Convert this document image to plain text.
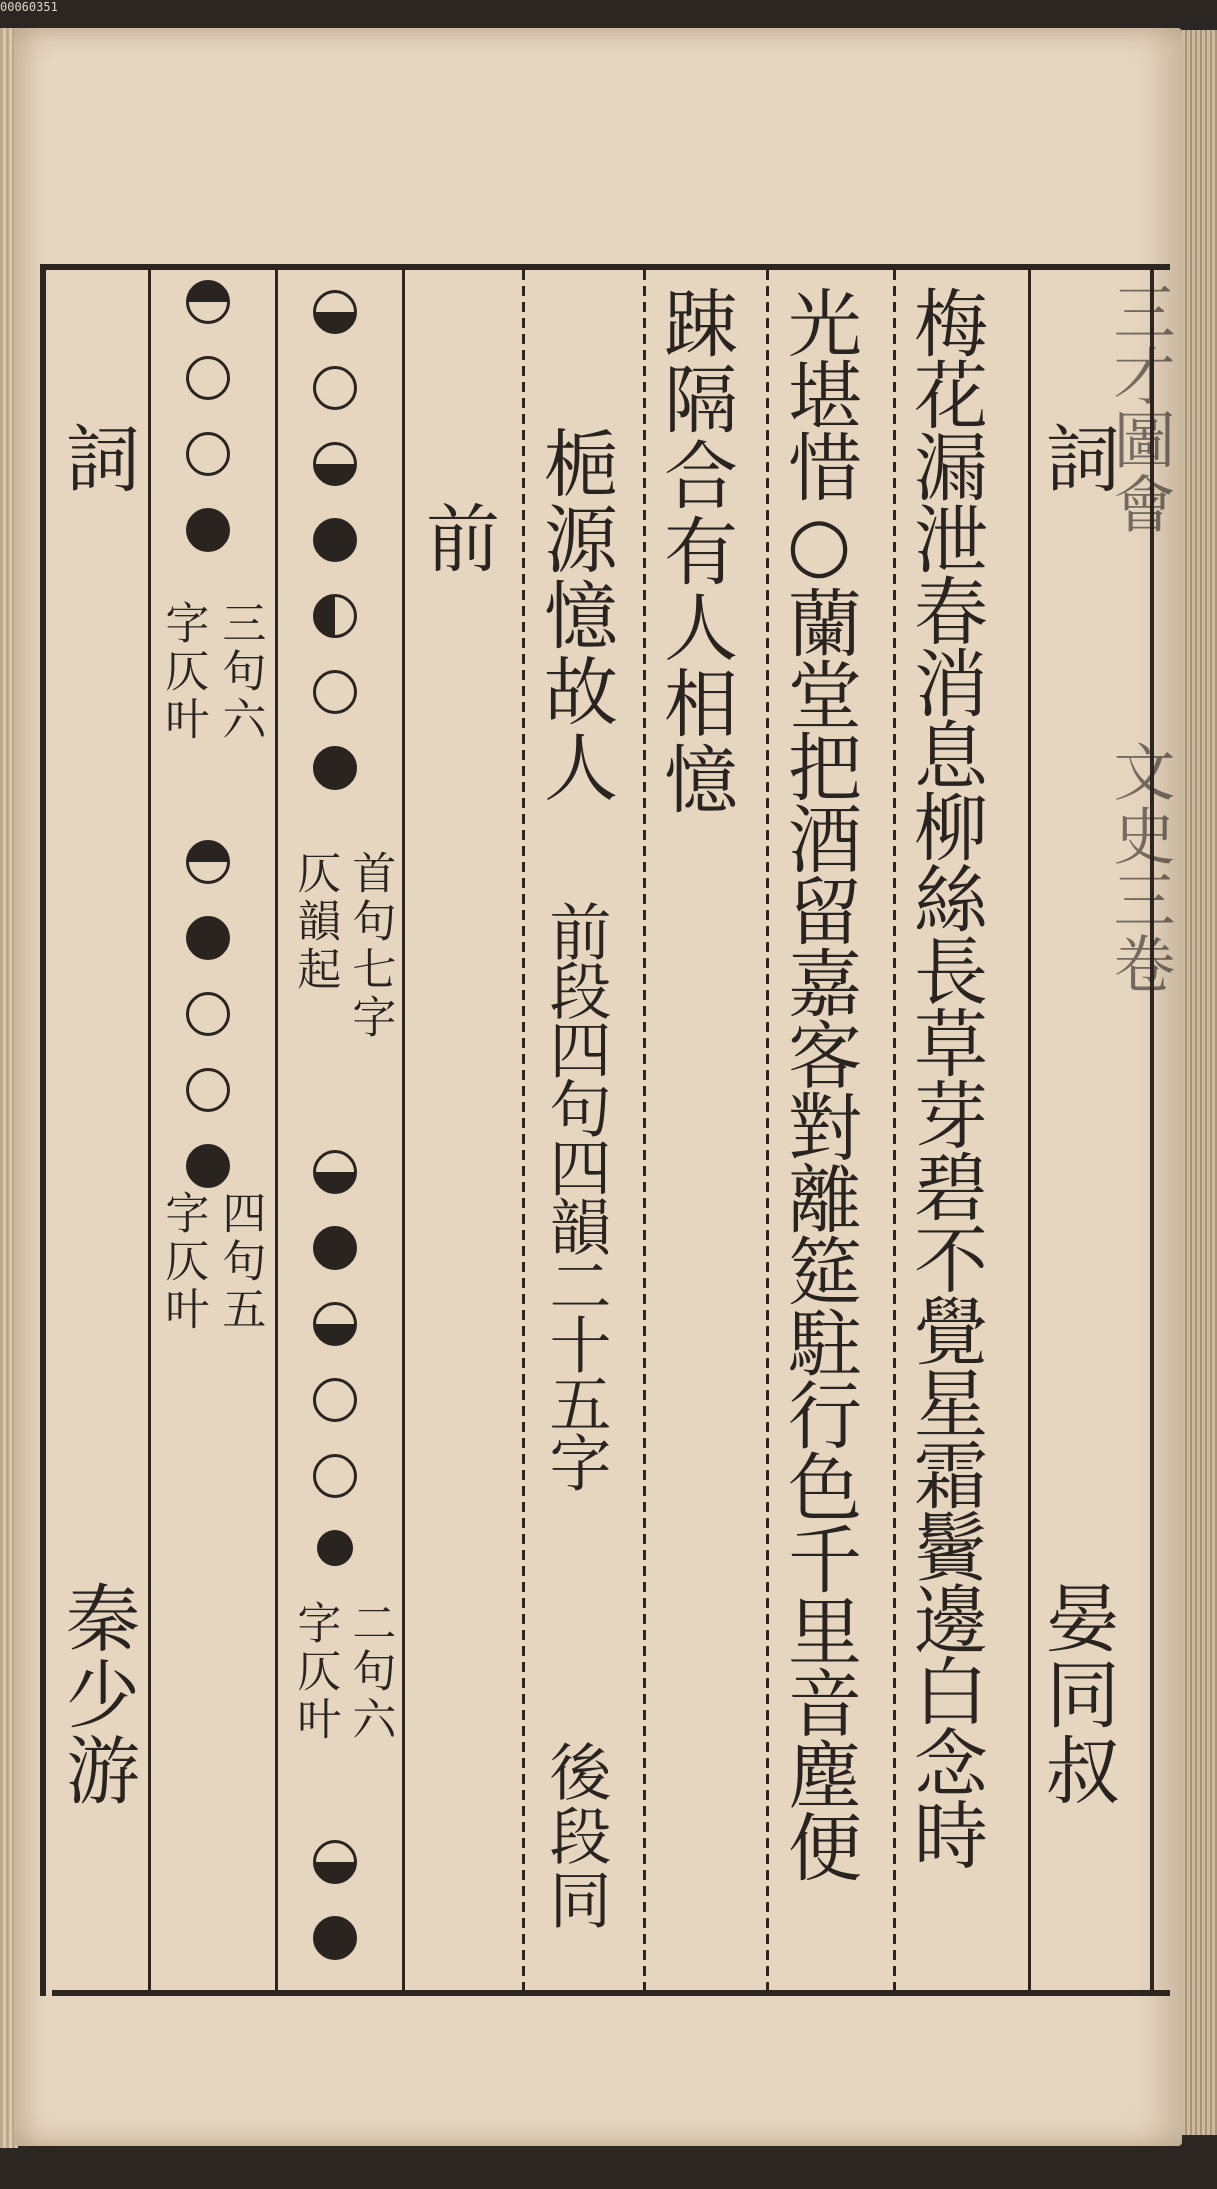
00060351
三才圖會
文史三卷
詞
晏同叔
梅花漏泄春消息柳絲長草芽碧不覺星霜鬢邊白念時
光堪惜○蘭堂把酒留嘉客對離筵駐行色千里音塵便
踈隔合有人相憶
梔源憶故人
前段四句四韻二十五字
後段同
前
首句七字
仄韻起
二句六
字仄叶
三句六
字仄叶
四句五
字仄叶
詞
秦少游
